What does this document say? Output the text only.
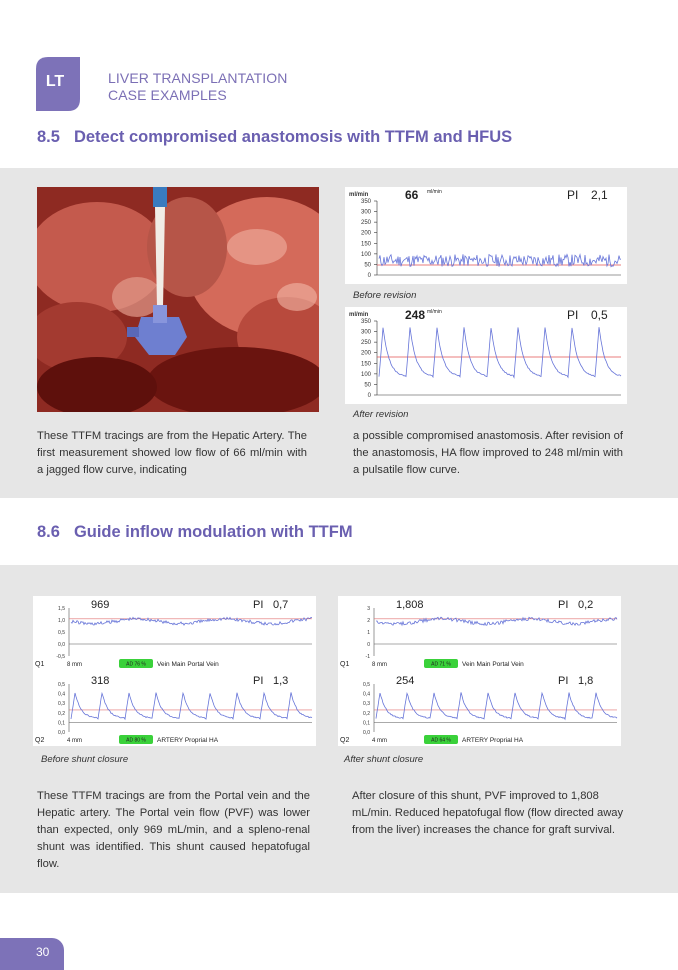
LT	LIVER TRANSPLANTATION
CASE EXAMPLES
8.5 Detect compromised anastomosis with TTFM and HFUS
ml/min	66 ml/min	PI 2,1
350
300
250
200
150
100
50
0
Before revision
ml/min	248 ml/min	PI 0,5
350
300
250
200
150
100
50
0
After revision
These TTFM tracings are from the Hepatic Artery. The first measurement showed low flow of 66 ml/min with a jagged flow curve, indicating
a possible compromised anastomosis. After revision of the anastomosis, HA flow improved to 248 ml/min with a pulsatile flow curve.
8.6 Guide inflow modulation with TTFM
969	PI 0,7
1,5
1,0
0,5
0,0
-0,5
Q1	8 mm	AD 76 % Vein Main Portal Vein
318	PI 1,3
0,5
0,4
0,3
0,2
0,1
0,0
Q2	4 mm	AD 80 % ARTERY Proprial HA
Before shunt closure
1,808	PI 0,2
3
2
1
0
-1
Q1	8 mm	AD 71 % Vein Main Portal Vein
254	PI 1,8
0,5
0,4
0,3
0,2
0,1
0,0
Q2	4 mm	AD 64 % ARTERY Proprial HA
After shunt closure
These TTFM tracings are from the Portal vein and the Hepatic artery. The Portal vein flow (PVF) was lower than expected, only 969 mL/min, and a spleno-renal shunt was identified. This shunt caused hepatofugal flow.
After closure of this shunt, PVF improved to 1,808 mL/min. Reduced hepatofugal flow (flow directed away from the liver) increases the chance for graft survival.
30
